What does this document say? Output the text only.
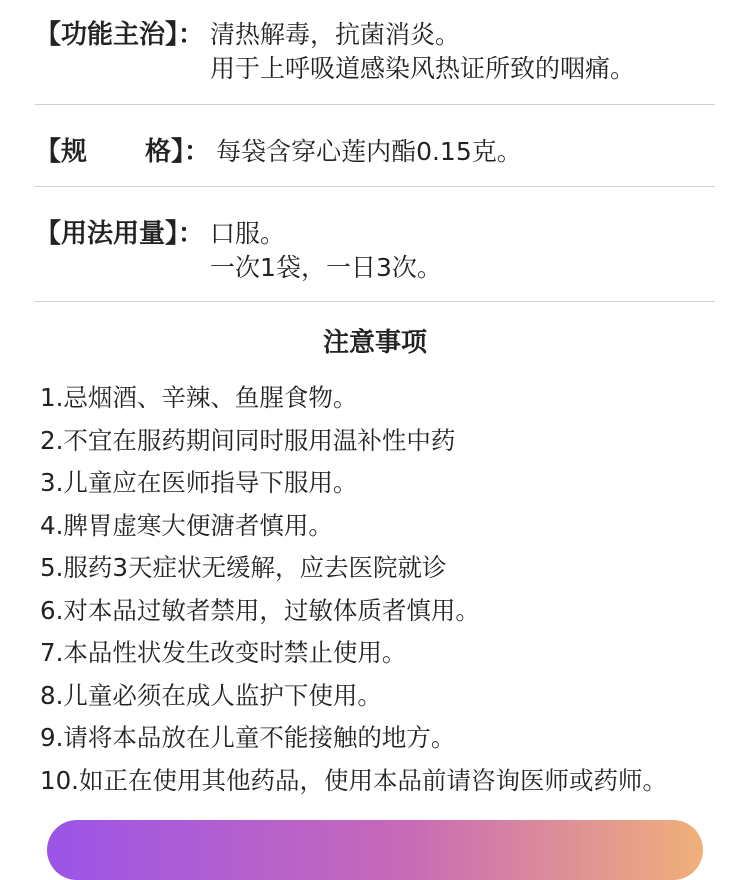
【功能主治】： 清热解毒，抗菌消炎。
用于上呼吸道感染风热证所致的咽痛。
【规 格】： 每袋含穿心莲内酯0.15克。
【用法用量】： 口服。
一次1袋，一日3次。
注意事项
1.忌烟酒、辛辣、鱼腥食物。
2.不宜在服药期间同时服用温补性中药
3.儿童应在医师指导下服用。
4.脾胃虚寒大便溏者慎用。
5.服药3天症状无缓解，应去医院就诊
6.对本品过敏者禁用，过敏体质者慎用。
7.本品性状发生改变时禁止使用。
8.儿童必须在成人监护下使用。
9.请将本品放在儿童不能接触的地方。
10.如正在使用其他药品，使用本品前请咨询医师或药师。
